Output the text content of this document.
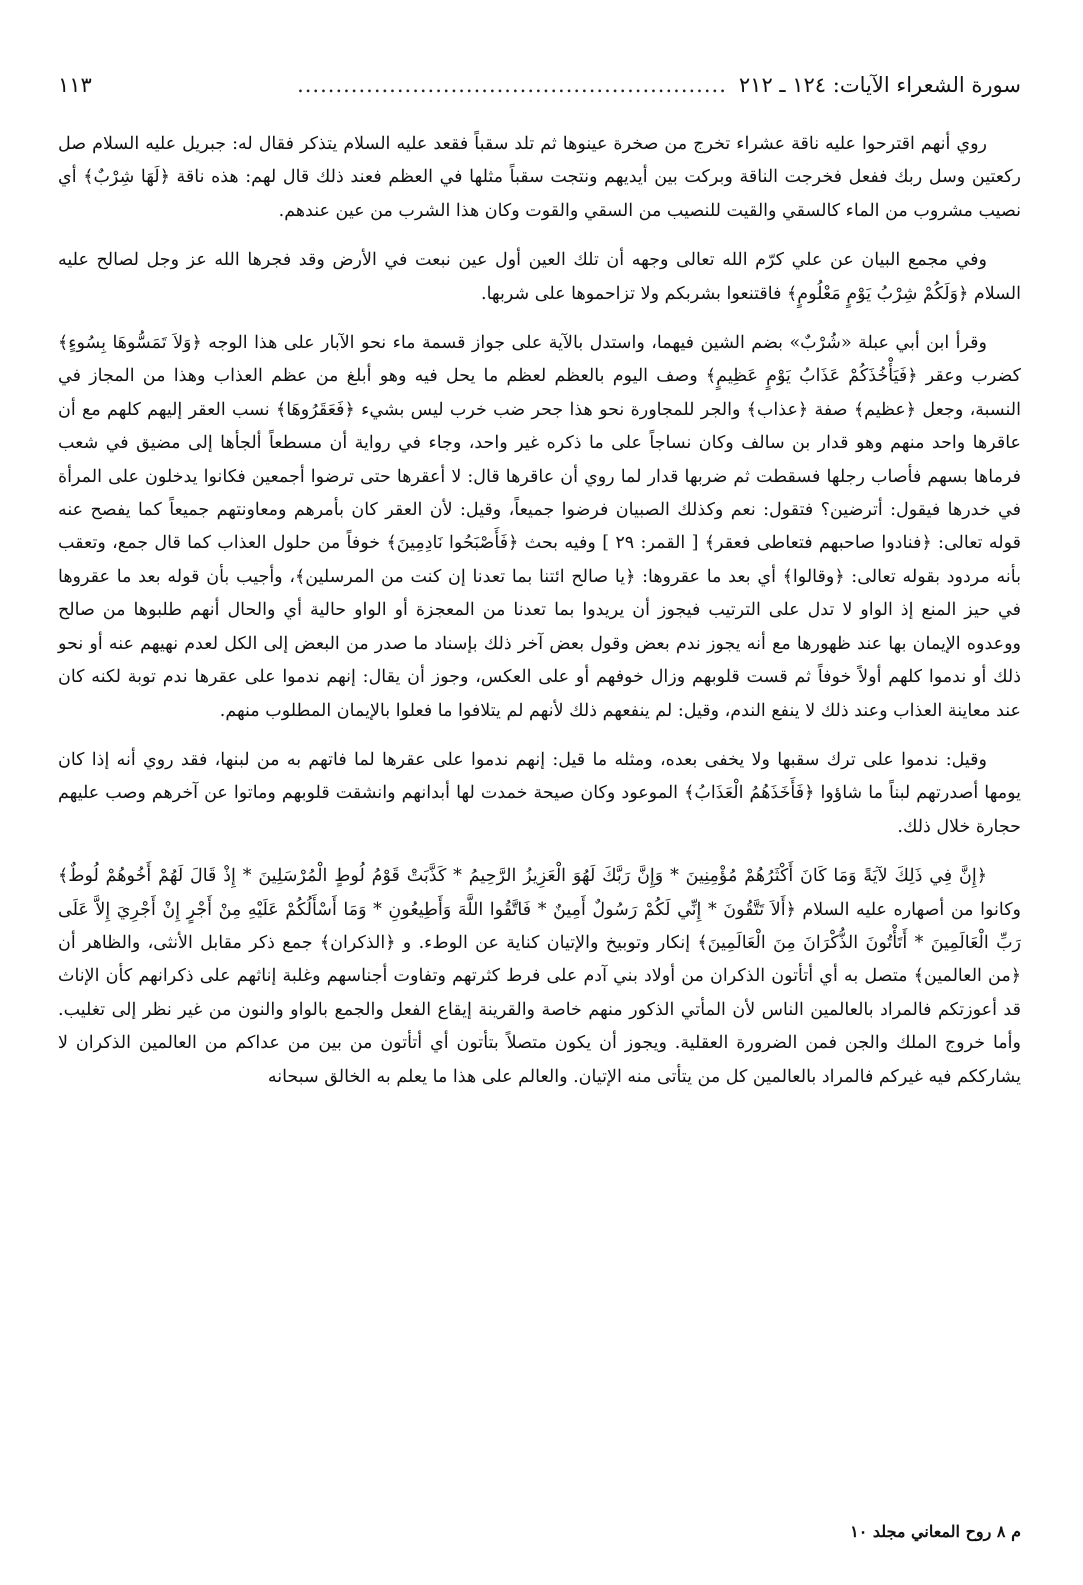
سورة الشعراء الآيات: ١٢٤ ـ ٢١٢
........................................................
١١٣

روي أنهم اقترحوا عليه ناقة عشراء تخرج من صخرة عينوها ثم تلد سقباً فقعد عليه السلام يتذكر فقال له: جبريل عليه السلام صل ركعتين وسل ربك ففعل فخرجت الناقة وبركت بين أيديهم ونتجت سقباً مثلها في العظم فعند ذلك قال لهم: هذه ناقة ﴿لَهَا شِرْبٌ﴾ أي نصيب مشروب من الماء كالسقي والقيت للنصيب من السقي والقوت وكان هذا الشرب من عين عندهم.

وفي مجمع البيان عن علي كرّم الله تعالى وجهه أن تلك العين أول عين نبعت في الأرض وقد فجرها الله عز وجل لصالح عليه السلام ﴿وَلَكُمْ شِرْبُ يَوْمٍ مَعْلُومٍ﴾ فاقتنعوا بشربكم ولا تزاحموها على شربها.

وقرأ ابن أبي عبلة «شُرْبٌ» بضم الشين فيهما، واستدل بالآية على جواز قسمة ماء نحو الآبار على هذا الوجه ﴿وَلاَ تَمَسُّوهَا بِسُوءٍ﴾ كضرب وعقر ﴿فَيَأْخُذَكُمْ عَذَابُ يَوْمٍ عَظِيمٍ﴾ وصف اليوم بالعظم لعظم ما يحل فيه وهو أبلغ من عظم العذاب وهذا من المجاز في النسبة، وجعل ﴿عظيم﴾ صفة ﴿عذاب﴾ والجر للمجاورة نحو هذا جحر ضب خرب ليس بشيء ﴿فَعَقَرُوهَا﴾ نسب العقر إليهم كلهم مع أن عاقرها واحد منهم وهو قدار بن سالف وكان نساجاً على ما ذكره غير واحد، وجاء في رواية أن مسطعاً ألجأها إلى مضيق في شعب فرماها بسهم فأصاب رجلها فسقطت ثم ضربها قدار لما روي أن عاقرها قال: لا أعقرها حتى ترضوا أجمعين فكانوا يدخلون على المرأة في خدرها فيقول: أترضين؟ فتقول: نعم وكذلك الصبيان فرضوا جميعاً، وقيل: لأن العقر كان بأمرهم ومعاونتهم جميعاً كما يفصح عنه قوله تعالى: ﴿فنادوا صاحبهم فتعاطى فعقر﴾ [ القمر: ٢٩ ] وفيه بحث ﴿فَأَصْبَحُوا نَادِمِينَ﴾ خوفاً من حلول العذاب كما قال جمع، وتعقب بأنه مردود بقوله تعالى: ﴿وقالوا﴾ أي بعد ما عقروها: ﴿يا صالح ائتنا بما تعدنا إن كنت من المرسلين﴾، وأجيب بأن قوله بعد ما عقروها في حيز المنع إذ الواو لا تدل على الترتيب فيجوز أن يريدوا بما تعدنا من المعجزة أو الواو حالية أي والحال أنهم طلبوها من صالح ووعدوه الإيمان بها عند ظهورها مع أنه يجوز ندم بعض وقول بعض آخر ذلك بإسناد ما صدر من البعض إلى الكل لعدم نهيهم عنه أو نحو ذلك أو ندموا كلهم أولاً خوفاً ثم قست قلوبهم وزال خوفهم أو على العكس، وجوز أن يقال: إنهم ندموا على عقرها ندم توبة لكنه كان عند معاينة العذاب وعند ذلك لا ينفع الندم، وقيل: لم ينفعهم ذلك لأنهم لم يتلافوا ما فعلوا بالإيمان المطلوب منهم.

وقيل: ندموا على ترك سقبها ولا يخفى بعده، ومثله ما قيل: إنهم ندموا على عقرها لما فاتهم به من لبنها، فقد روي أنه إذا كان يومها أصدرتهم لبناً ما شاؤوا ﴿فَأَخَذَهُمُ الْعَذَابُ﴾ الموعود وكان صيحة خمدت لها أبدانهم وانشقت قلوبهم وماتوا عن آخرهم وصب عليهم حجارة خلال ذلك.

﴿إِنَّ فِي ذَلِكَ لآيَةً وَمَا كَانَ أَكْثَرُهُمْ مُؤْمِنِينَ * وَإِنَّ رَبَّكَ لَهُوَ الْعَزِيزُ الرَّحِيمُ * كَذَّبَتْ قَوْمُ لُوطٍ الْمُرْسَلِينَ * إِذْ قَالَ لَهُمْ أَخُوهُمْ لُوطٌ﴾ وكانوا من أصهاره عليه السلام ﴿أَلاَ تَتَّقُونَ * إِنِّي لَكُمْ رَسُولٌ أَمِينٌ * فَاتَّقُوا اللَّهَ وَأَطِيعُونِ * وَمَا أَسْأَلُكُمْ عَلَيْهِ مِنْ أَجْرٍ إِنْ أَجْرِيَ إِلاَّ عَلَى رَبِّ الْعَالَمِينَ * أَتَأْتُونَ الذُّكْرَانَ مِنَ الْعَالَمِينَ﴾ إنكار وتوبيخ والإتيان كناية عن الوطء. و ﴿الذكران﴾ جمع ذكر مقابل الأنثى، والظاهر أن ﴿من العالمين﴾ متصل به أي أتأتون الذكران من أولاد بني آدم على فرط كثرتهم وتفاوت أجناسهم وغلبة إناثهم على ذكرانهم كأن الإناث قد أعوزتكم فالمراد بالعالمين الناس لأن المأتي الذكور منهم خاصة والقرينة إيقاع الفعل والجمع بالواو والنون من غير نظر إلى تغليب. وأما خروج الملك والجن فمن الضرورة العقلية. ويجوز أن يكون متصلاً بتأتون أي أتأتون من بين من عداكم من العالمين الذكران لا يشارككم فيه غيركم فالمراد بالعالمين كل من يتأتى منه الإتيان. والعالم على هذا ما يعلم به الخالق سبحانه

م ٨ روح المعاني مجلد ١٠
